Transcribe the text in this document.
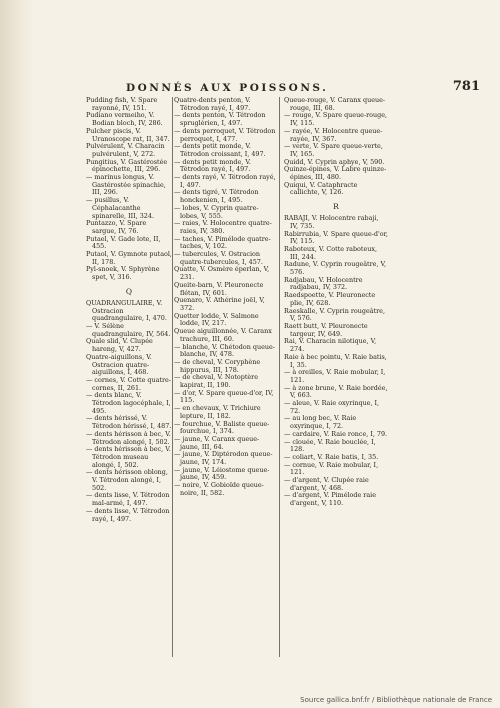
DONNÉS AUX POISSONS.	781

Pudding fish, V. Spare rayonné, IV, 151.

Pudiano vermeiho, V. Bodian bloch, IV, 286.

Pulcher piscis, V. Uranoscope rat, II, 347.

Pulvérulent, V. Characin pulvérulent, V, 272.

Pungitius, V. Gastérostée épinochette, III, 296.

— marinus longus, V. Gastérostée spinachie, III, 296.

— pusillus, V. Céphalacanthe spinarelle, III, 324.

Puntazzo, V. Spare sargue, IV, 76.

Putael, V. Gade lote, II, 455.

Putaol, V. Gymnote putaol, II, 178.

Pyl-snoek, V. Sphyrène spet, V, 316.

Q

QUADRANGULAIRE, V. Ostracion quadrangulaire, I, 470.

— V. Sélène quadrangulaire, IV, 564.

Quale slid, V. Clupée hareng, V, 427.

Quatre-aiguillons, V. Ostracion quatre-aiguillons, I, 468.

— cornes, V. Cotte quatre-cornes, II, 261.

— dents blanc, V. Tétrodon lagocéphale, I, 495.

— dents hérissé, V. Tétrodon hérissé, I, 487.

— dents hérisson à bec, V. Tétrodon alongé, I, 502.

— dents hérisson à bec, V. Tétrodon museau alongé, I, 502.

— dents hérisson oblong, V. Tétrodon alongé, I, 502.

— dents lisse, V. Tétrodon mal-armé, I, 497.

— dents lisse, V. Tétrodon rayé, I, 497.

Quatre-dents penton, V. Tétrodon rayé, I, 497.

— dents penton, V. Tétrodon spruglérien, I, 497.

— dents perroquet, V. Tétrodon perroquet, I, 477.

— dents petit monde, V. Tétrodon croissant, I, 497.

— dents petit monde, V. Tétrodon rayé, I, 497.

— dents rayé, V. Tétrodon rayé, I, 497.

— dents tigré, V. Tétrodon honckenien, I, 495.

— lobes, V. Cyprin quatre-lobes, V, 555.

— raies, V. Holocentre quatre-raies, IV, 380.

— taches, V. Pimélode quatre-taches, V, 102.

— tubercules, V. Ostracion quatre-tubercules, I, 457.

Quatte, V. Osmère éperlan, V, 231.

Queite-barn, V. Pleuronecte flétan, IV, 601.

Quenaro, V. Athérine joël, V, 372.

Quetter lodde, V. Salmone lodde, IV, 217.

Queue aiguillonnée, V. Caranx trachure, III, 60.

— blanche, V. Chétodon queue-blanche, IV, 478.

— de cheval, V. Coryphène hippurus, III, 178.

— de cheval, V. Notoptère kapirat, II, 190.

— d'or, V. Spare queue-d'or, IV, 115.

— en chevaux, V. Trichiure lepture, II, 182.

— fourchue, V. Baliste queue-fourchue, I, 374.

— jaune, V. Caranx queue-jaune, III, 64.

— jaune, V. Diptérodon queue-jaune, IV, 174.

— jaune, V. Léiostome queue-jaune, IV, 459.

— noire, V. Gobioïde queue-noire, II, 582.

Queue-rouge, V. Caranx queue-rouge, III, 68.

— rouge, V. Spare queue-rouge, IV, 115.

— rayée, V. Holocentre queue-rayée, IV, 367.

— verte, V. Spare queue-verte, IV, 165.

Quidd, V. Cyprin aphye, V, 590.

Quinze-épines, V. Labre quinze-épines, III, 480.

Quiqui, V. Cataphracte callichte, V, 126.

R

RABAJI, V. Holocentre rabaji, IV, 735.

Rabirrubia, V. Spare queue-d'or, IV, 115.

Raboteux, V. Cotte raboteux, III, 244.

Radune, V. Cyprin rougeâtre, V, 576.

Radjabau, V. Holocentre radjabau, IV, 372.

Raedspoette, V. Pleuronecte plie, IV, 628.

Raeskalle, V. Cyprin rougeâtre, V, 576.

Raett butt, V. Pleuronecte targeur, IV, 649.

Rai, V. Characin nilotique, V, 274.

Raie à bec pointu, V. Raie batis, I, 35.

— à oreilles, V. Raie mobular, I, 121.

— à zone brune, V. Raie bordée, V, 663.

— aleue, V. Raie oxyrinque, I, 72.

— au long bec, V. Raie oxyrinque, I, 72.

— cardaire, V. Raie ronce, I, 79.

— clouée, V. Raie bouclée, I, 128.

— coliart, V. Raie batis, I, 35.

— cornue, V. Raie mobular, I, 121.

— d'argent, V. Clupée raie d'argent, V, 468.

— d'argent, V. Pimélode raie d'argent, V, 110.

Source gallica.bnf.fr / Bibliothèque nationale de France
